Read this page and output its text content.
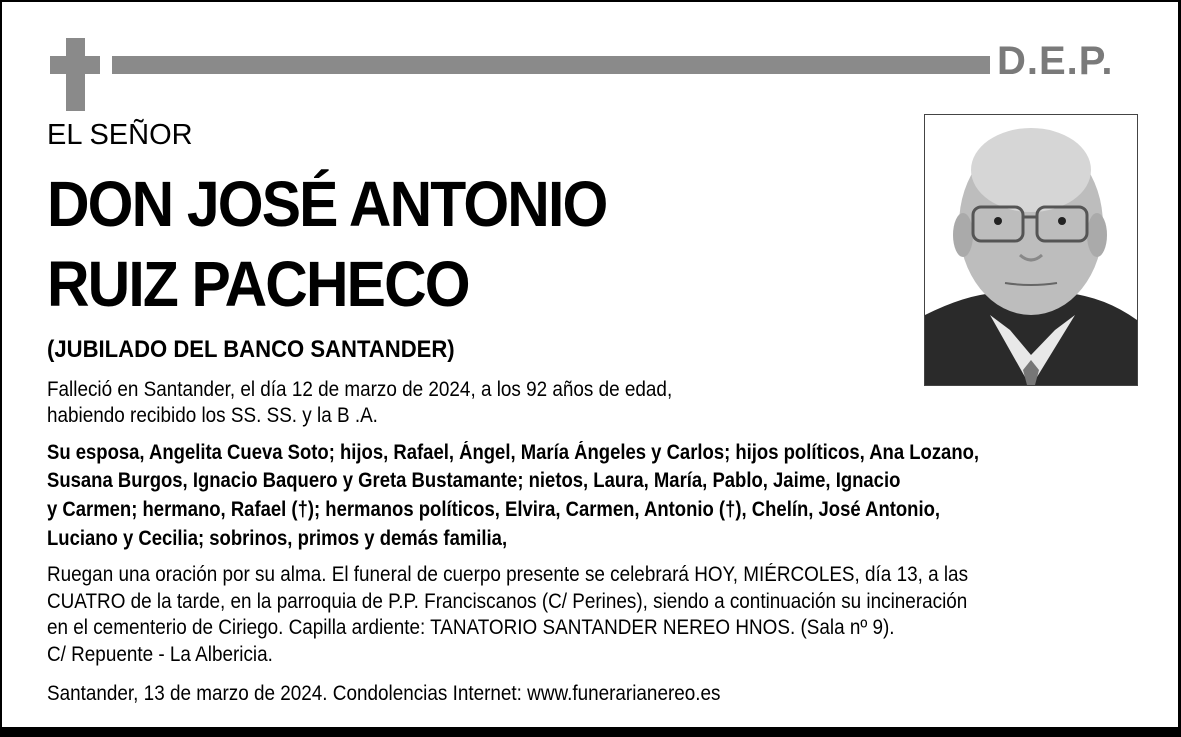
D.E.P.
EL SEÑOR
DON JOSÉ ANTONIO
RUIZ PACHECO
(JUBILADO DEL BANCO SANTANDER)
Falleció en Santander, el día 12 de marzo de 2024, a los 92 años de edad,
habiendo recibido los SS. SS. y la B .A.
Su esposa, Angelita Cueva Soto; hijos, Rafael, Ángel, María Ángeles y Carlos; hijos políticos, Ana Lozano,
Susana Burgos, Ignacio Baquero y Greta Bustamante; nietos, Laura, María, Pablo, Jaime, Ignacio
y Carmen; hermano, Rafael (†); hermanos políticos, Elvira, Carmen, Antonio (†), Chelín, José Antonio,
Luciano y Cecilia; sobrinos, primos y demás familia,
Ruegan una oración por su alma. El funeral de cuerpo presente se celebrará HOY, MIÉRCOLES, día 13, a las
CUATRO de la tarde, en la parroquia de P.P. Franciscanos (C/ Perines), siendo a continuación su incineración
en el cementerio de Ciriego. Capilla ardiente: TANATORIO SANTANDER NEREO HNOS. (Sala nº 9).
C/ Repuente - La Albericia.
Santander, 13 de marzo de 2024. Condolencias Internet: www.funerarianereo.es
